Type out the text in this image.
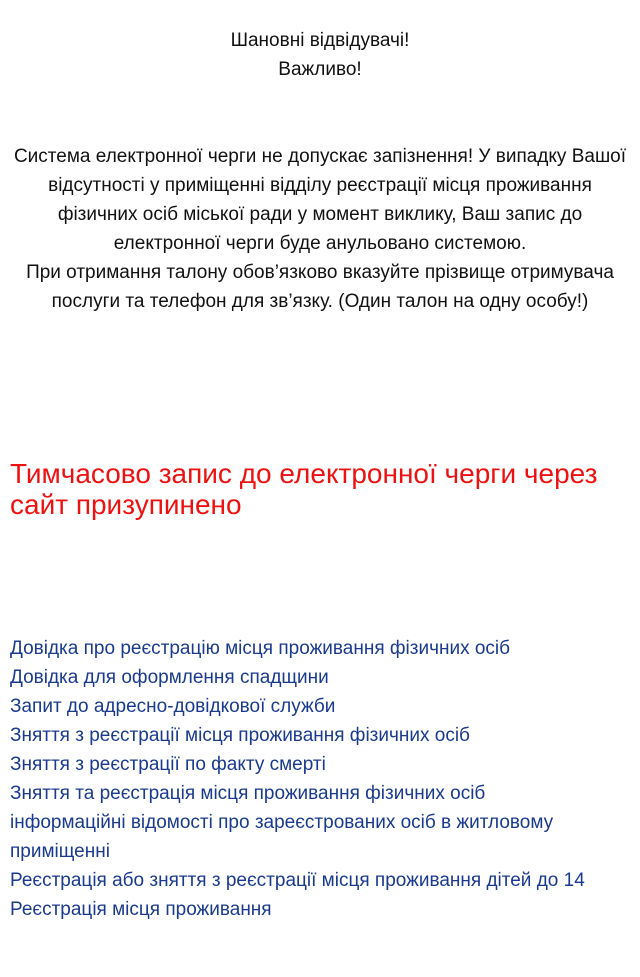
Шановні відвідувачі!
Важливо!

Система електронної черги не допускає запізнення! У випадку Вашої відсутності у приміщенні відділу реєстрації місця проживання фізичних осіб міської ради у момент виклику, Ваш запис до електронної черги буде анульовано системою.

При отримання талону обов’язково вказуйте прізвище отримувача послуги та телефон для зв’язку. (Один талон на одну особу!)

Тимчасово запис до електронної черги через сайт призупинено
Довідка про реєстрацію місця проживання фізичних осіб
Довідка для оформлення спадщини
Запит до адресно-довідкової служби
Зняття з реєстрації місця проживання фізичних осіб
Зняття з реєстрації по факту смерті
Зняття та реєстрація місця проживання фізичних осіб
інформаційні відомості про зареєстрованих осіб в житловому приміщенні
Реєстрація або зняття з реєстрації місця проживання дітей до 14
Реєстрація місця проживання
